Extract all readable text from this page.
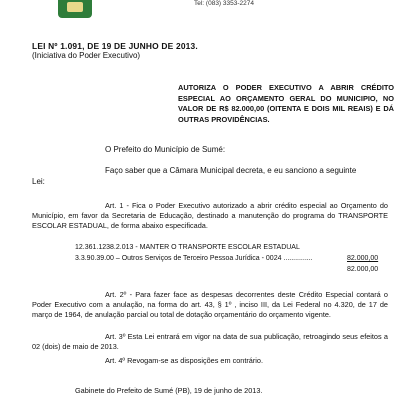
Tel: (083) 3353-2274
LEI Nº 1.091, DE 19 DE JUNHO DE 2013.
(Iniciativa do Poder Executivo)
AUTORIZA O PODER EXECUTIVO A ABRIR CRÉDITO ESPECIAL AO ORÇAMENTO GERAL DO MUNICIPIO, NO VALOR DE R$ 82.000,00 (OITENTA E DOIS MIL REAIS) E DÁ OUTRAS PROVIDÊNCIAS.
O Prefeito do Município de Sumé:
Faço saber que a Câmara Municipal decreta, e eu sanciono a seguinte
Lei:
Art. 1 - Fica o Poder Executivo autorizado a abrir crédito especial ao Orçamento do Município, em favor da Secretaria de Educação, destinado a manutenção do programa do TRANSPORTE ESCOLAR ESTADUAL, de forma abaixo especificada.
12.361.1238.2.013 - MANTER O TRANSPORTE ESCOLAR ESTADUAL
3.3.90.39.00 – Outros Serviços de Terceiro Pessoa Jurídica - 0024 ...............	82.000,00
82.000,00
Art. 2º - Para fazer face as despesas decorrentes deste Crédito Especial contará o Poder Executivo com a anulação, na forma do art. 43, § 1º , inciso III, da Lei Federal no 4.320, de 17 de março de 1964, de anulação parcial ou total de dotação orçamentário do orçamento vigente.
Art. 3º Esta Lei entrará em vigor na data de sua publicação, retroagindo seus efeitos a 02 (dois) de maio de 2013.
Art. 4º Revogam-se as disposições em contrário.
Gabinete do Prefeito de Sumé (PB), 19 de junho de 2013.
